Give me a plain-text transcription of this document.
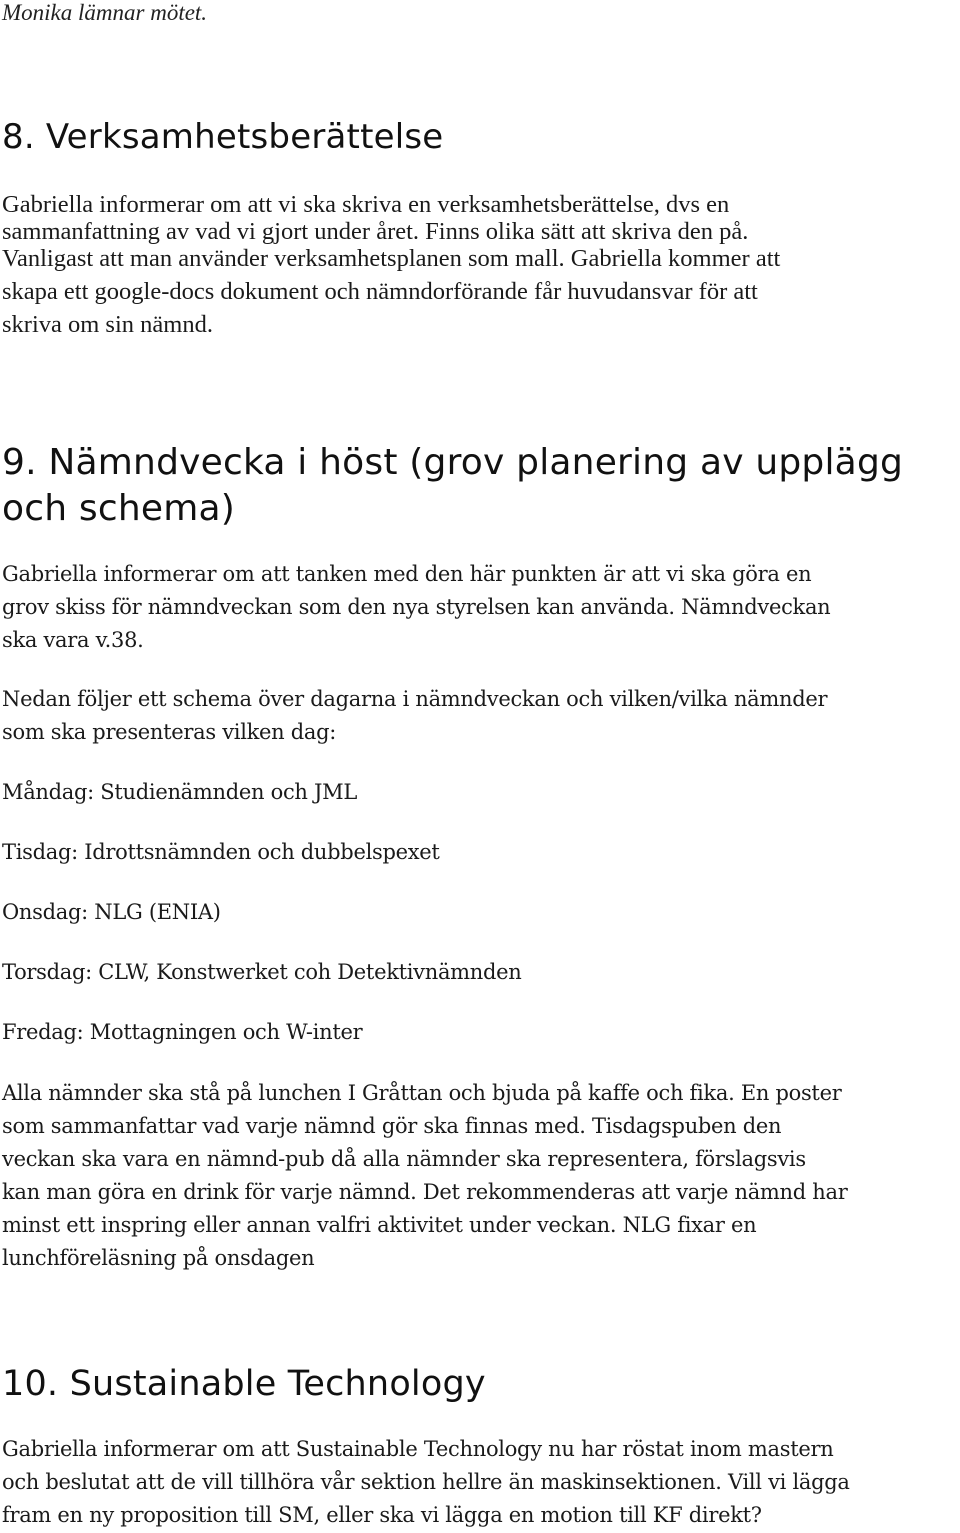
Monika lämnar mötet.

8. Verksamhetsberättelse
Gabriella informerar om att vi ska skriva en verksamhetsberättelse, dvs en
sammanfattning av vad vi gjort under året. Finns olika sätt att skriva den på.
Vanligast att man använder verksamhetsplanen som mall. Gabriella kommer att
skapa ett google-docs dokument och nämndorförande får huvudansvar för att
skriva om sin nämnd.
9. Nämndvecka i höst (grov planering av upplägg
och schema)
Gabriella informerar om att tanken med den här punkten är att vi ska göra en
grov skiss för nämndveckan som den nya styrelsen kan använda. Nämndveckan
ska vara v.38.
Nedan följer ett schema över dagarna i nämndveckan och vilken/vilka nämnder
som ska presenteras vilken dag:

Måndag: Studienämnden och JML

Tisdag: Idrottsnämnden och dubbelspexet

Onsdag: NLG (ENIA)

Torsdag: CLW, Konstwerket coh Detektivnämnden

Fredag: Mottagningen och W-inter

Alla nämnder ska stå på lunchen I Gråttan och bjuda på kaffe och fika. En poster
som sammanfattar vad varje nämnd gör ska finnas med. Tisdagspuben den
veckan ska vara en nämnd-pub då alla nämnder ska representera, förslagsvis
kan man göra en drink för varje nämnd. Det rekommenderas att varje nämnd har
minst ett inspring eller annan valfri aktivitet under veckan. NLG fixar en
lunchföreläsning på onsdagen
10. Sustainable Technology
Gabriella informerar om att Sustainable Technology nu har röstat inom mastern
och beslutat att de vill tillhöra vår sektion hellre än maskinsektionen. Vill vi lägga
fram en ny proposition till SM, eller ska vi lägga en motion till KF direkt?
